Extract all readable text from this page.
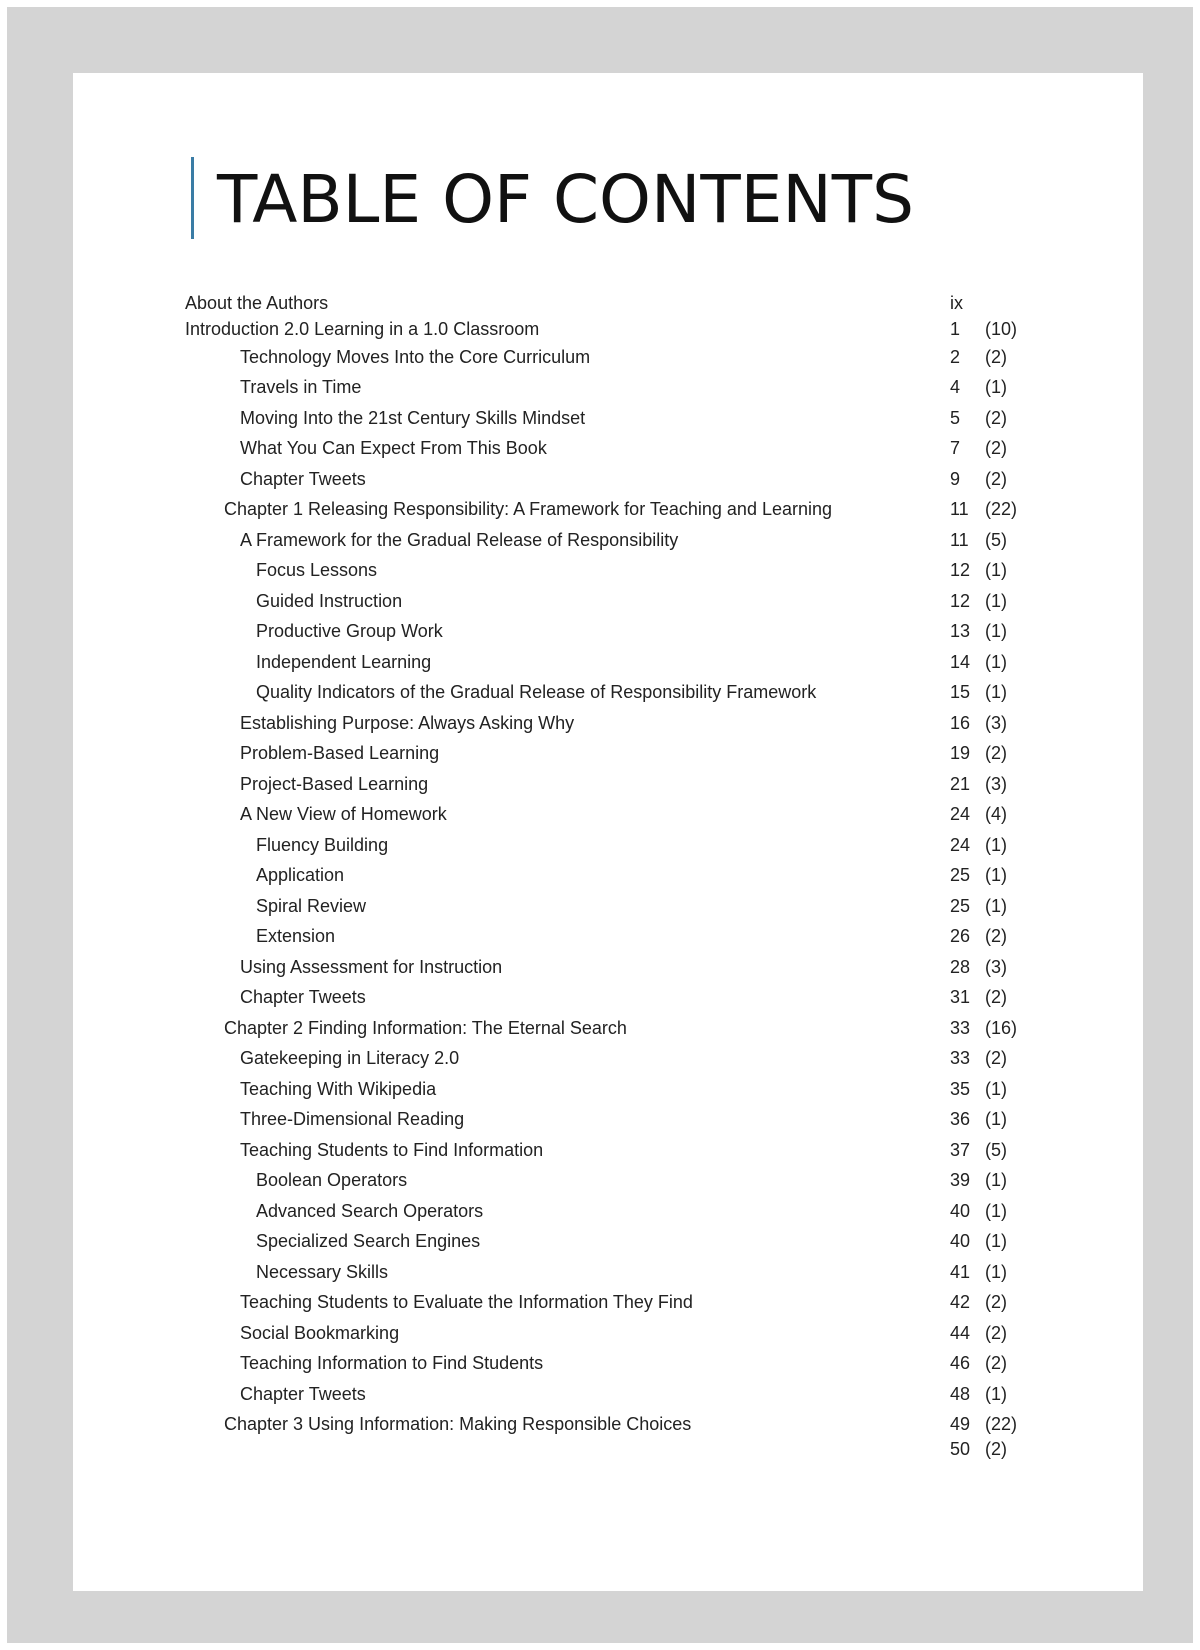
TABLE OF CONTENTS
About the Authors	ix
Introduction 2.0 Learning in a 1.0 Classroom	1 (10)
Technology Moves Into the Core Curriculum	2 (2)
Travels in Time	4 (1)
Moving Into the 21st Century Skills Mindset	5 (2)
What You Can Expect From This Book	7 (2)
Chapter Tweets	9 (2)
Chapter 1 Releasing Responsibility: A Framework for Teaching and Learning	11 (22)
A Framework for the Gradual Release of Responsibility	11 (5)
Focus Lessons	12 (1)
Guided Instruction	12 (1)
Productive Group Work	13 (1)
Independent Learning	14 (1)
Quality Indicators of the Gradual Release of Responsibility Framework	15 (1)
Establishing Purpose: Always Asking Why	16 (3)
Problem-Based Learning	19 (2)
Project-Based Learning	21 (3)
A New View of Homework	24 (4)
Fluency Building	24 (1)
Application	25 (1)
Spiral Review	25 (1)
Extension	26 (2)
Using Assessment for Instruction	28 (3)
Chapter Tweets	31 (2)
Chapter 2 Finding Information: The Eternal Search	33 (16)
Gatekeeping in Literacy 2.0	33 (2)
Teaching With Wikipedia	35 (1)
Three-Dimensional Reading	36 (1)
Teaching Students to Find Information	37 (5)
Boolean Operators	39 (1)
Advanced Search Operators	40 (1)
Specialized Search Engines	40 (1)
Necessary Skills	41 (1)
Teaching Students to Evaluate the Information They Find	42 (2)
Social Bookmarking	44 (2)
Teaching Information to Find Students	46 (2)
Chapter Tweets	48 (1)
Chapter 3 Using Information: Making Responsible Choices	49 (22)
50 (2)
